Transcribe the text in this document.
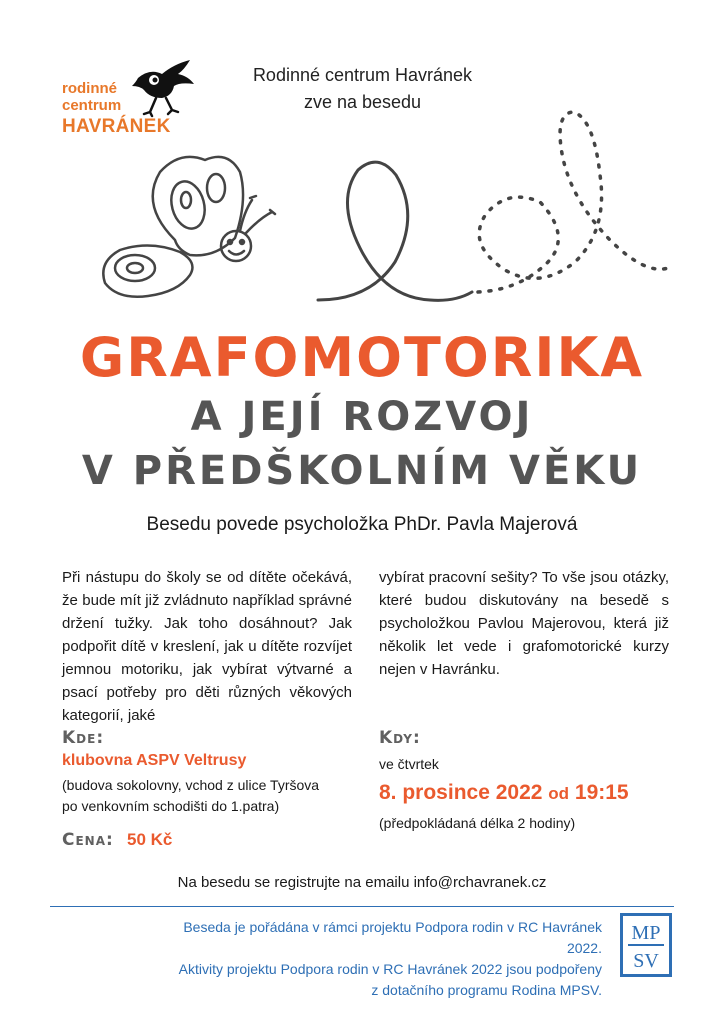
rodinné
centrum
HAVRÁNEK
Rodinné centrum Havránek
zve na besedu
GRAFOMOTORIKA
A JEJÍ ROZVOJ
V PŘEDŠKOLNÍM VĚKU
Besedu povede psycholožka PhDr. Pavla Majerová
Při nástupu do školy se od dítěte očekává, že bude mít již zvládnuto například správné držení tužky. Jak toho dosáhnout? Jak podpořit dítě v kreslení, jak u dítěte rozvíjet jemnou motoriku, jak vybírat výtvarné a psací potřeby pro děti různých věkových kategorií, jaké
vybírat pracovní sešity? To vše jsou otázky, které budou diskutovány na besedě s psycholožkou Pavlou Majerovou, která již několik let vede i grafomotorické kurzy nejen v Havránku.
Kde:
klubovna ASPV Veltrusy
(budova sokolovny, vchod z ulice Tyršova
po venkovním schodišti do 1.patra)
Cena: 50 Kč
Kdy:
ve čtvrtek
8. prosince 2022 od 19:15
(předpokládaná délka 2 hodiny)
Na besedu se registrujte na emailu info@rchavranek.cz
Beseda je pořádána v rámci projektu Podpora rodin v RC Havránek 2022.
Aktivity projektu Podpora rodin v RC Havránek 2022 jsou podpořeny
z dotačního programu Rodina MPSV.
MP
SV
